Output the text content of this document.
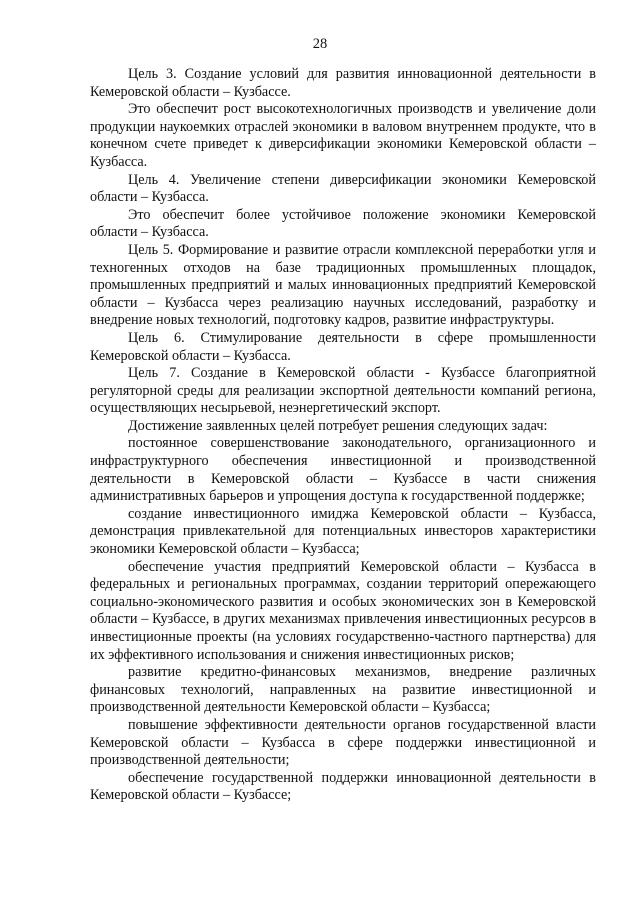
28

Цель 3. Создание условий для развития инновационной деятельности в Кемеровской области – Кузбассе.

Это обеспечит рост высокотехнологичных производств и увеличение доли продукции наукоемких отраслей экономики в валовом внутреннем продукте, что в конечном счете приведет к диверсификации экономики Кемеровской области – Кузбасса.

Цель 4. Увеличение степени диверсификации экономики Кемеровской области – Кузбасса.

Это обеспечит более устойчивое положение экономики Кемеровской области – Кузбасса.

Цель 5. Формирование и развитие отрасли комплексной переработки угля и техногенных отходов на базе традиционных промышленных площадок, промышленных предприятий и малых инновационных предприятий Кемеровской области – Кузбасса через реализацию научных исследований, разработку и внедрение новых технологий, подготовку кадров, развитие инфраструктуры.

Цель 6. Стимулирование деятельности в сфере промышленности Кемеровской области – Кузбасса.

Цель 7. Создание в Кемеровской области - Кузбассе благоприятной регуляторной среды для реализации экспортной деятельности компаний региона, осуществляющих несырьевой, неэнергетический экспорт.

Достижение заявленных целей потребует решения следующих задач:

постоянное совершенствование законодательного, организационного и инфраструктурного обеспечения инвестиционной и производственной деятельности в Кемеровской области – Кузбассе в части снижения административных барьеров и упрощения доступа к государственной поддержке;

создание инвестиционного имиджа Кемеровской области – Кузбасса, демонстрация привлекательной для потенциальных инвесторов характеристики экономики Кемеровской области – Кузбасса;

обеспечение участия предприятий Кемеровской области – Кузбасса в федеральных и региональных программах, создании территорий опережающего социально-экономического развития и особых экономических зон в Кемеровской области – Кузбассе, в других механизмах привлечения инвестиционных ресурсов в инвестиционные проекты (на условиях государственно-частного партнерства) для их эффективного использования и снижения инвестиционных рисков;

развитие кредитно-финансовых механизмов, внедрение различных финансовых технологий, направленных на развитие инвестиционной и производственной деятельности Кемеровской области – Кузбасса;

повышение эффективности деятельности органов государственной власти Кемеровской области – Кузбасса в сфере поддержки инвестиционной и производственной деятельности;

обеспечение государственной поддержки инновационной деятельности в Кемеровской области – Кузбассе;
